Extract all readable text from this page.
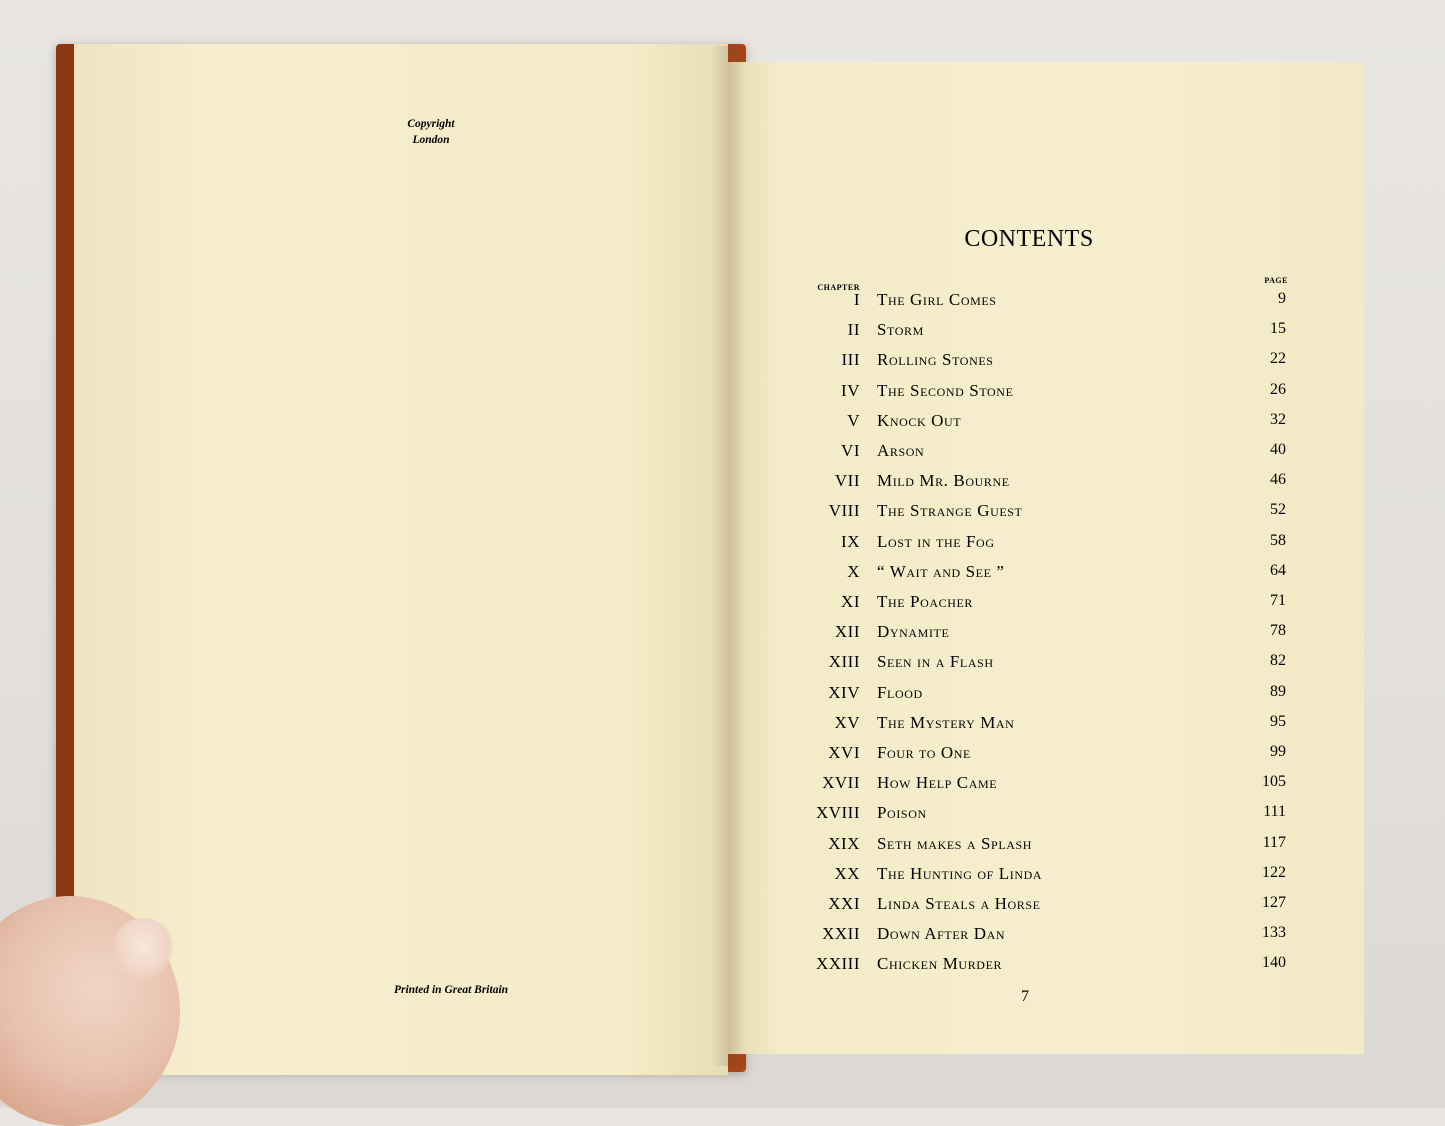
Copyright
London
Printed in Great Britain
CONTENTS
CHAPTER
PAGE
I The Girl Comes	9
II Storm	15
III Rolling Stones	22
IV The Second Stone	26
V Knock Out	32
VI Arson	40
VII Mild Mr. Bourne	46
VIII The Strange Guest	52
IX Lost in the Fog	58
X “ Wait and See ”	64
XI The Poacher	71
XII Dynamite	78
XIII Seen in a Flash	82
XIV Flood	89
XV The Mystery Man	95
XVI Four to One	99
XVII How Help Came	105
XVIII Poison	111
XIX Seth makes a Splash	117
XX The Hunting of Linda	122
XXI Linda Steals a Horse	127
XXII Down After Dan	133
XXIII Chicken Murder	140
7
